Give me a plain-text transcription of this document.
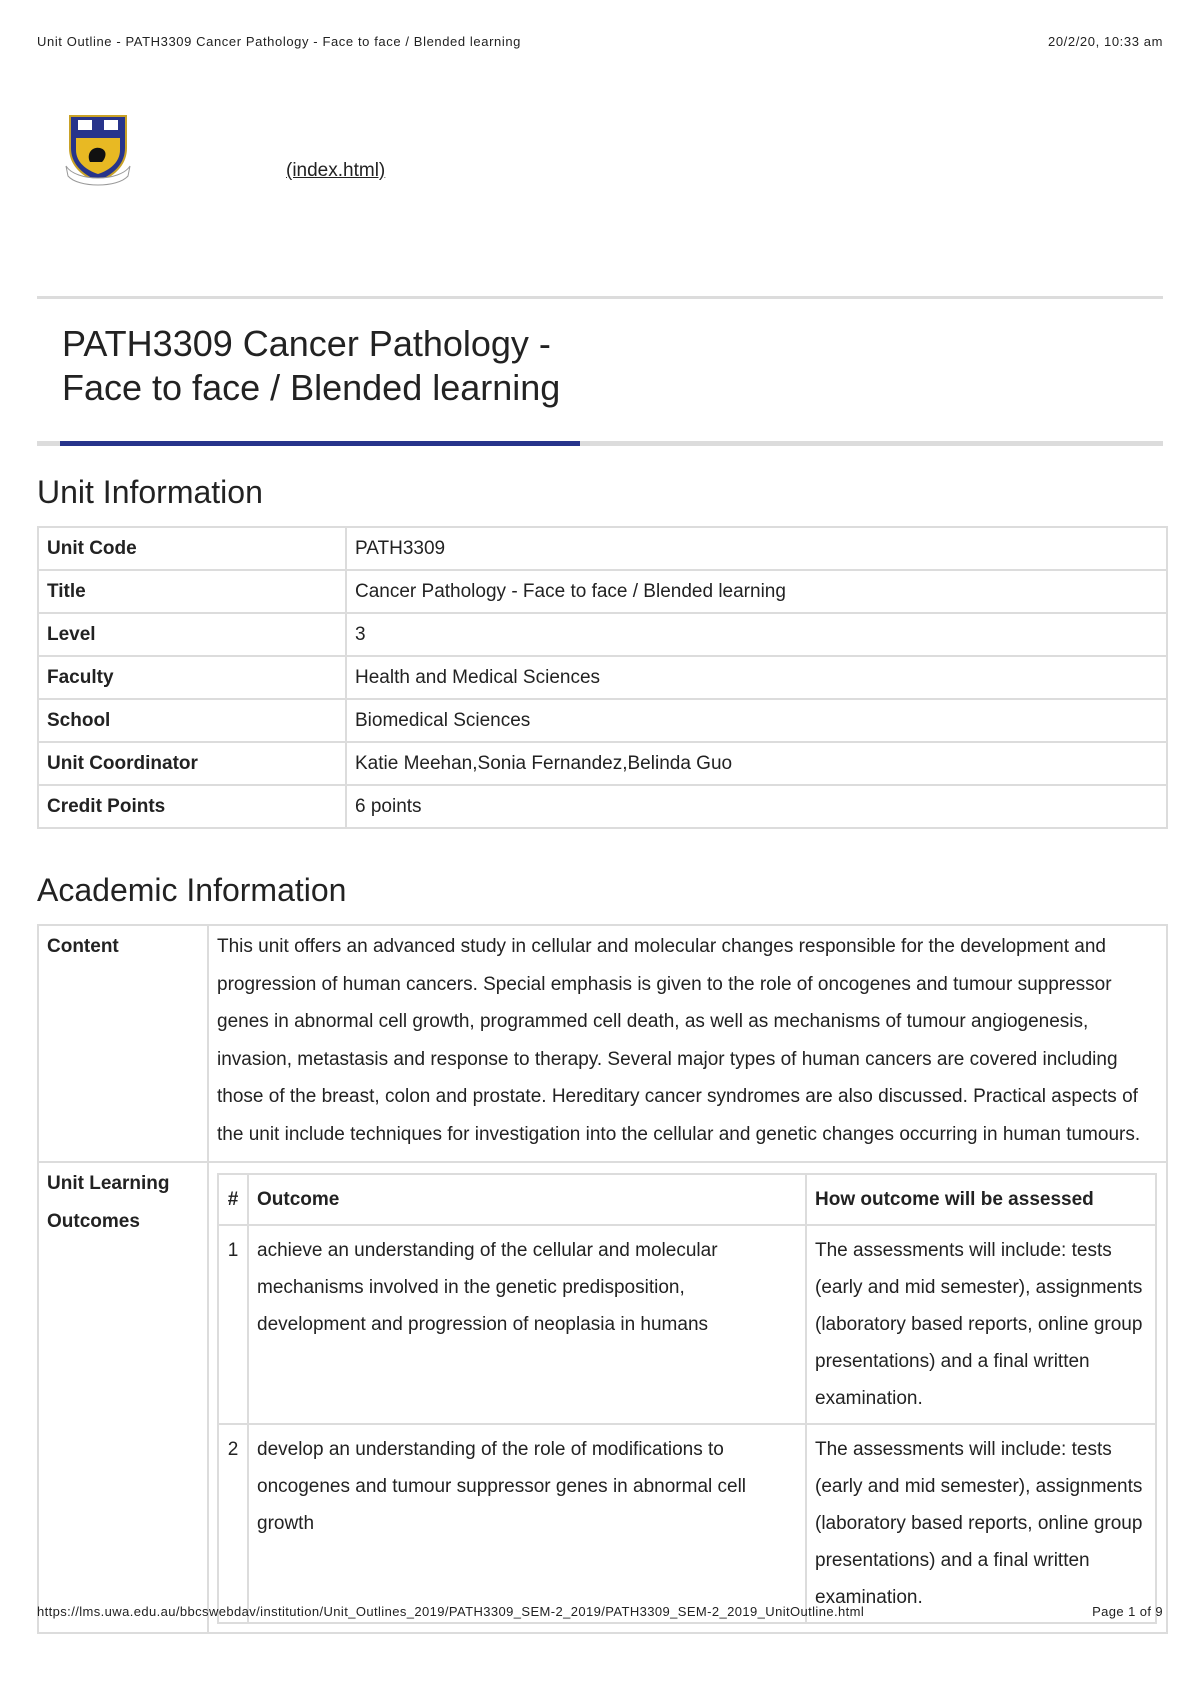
Unit Outline - PATH3309 Cancer Pathology - Face to face / Blended learning	20/2/20, 10:33 am
(index.html)
PATH3309 Cancer Pathology -
Face to face / Blended learning
Unit Information
Unit Code	PATH3309
Title	Cancer Pathology - Face to face / Blended learning
Level	3
Faculty	Health and Medical Sciences
School	Biomedical Sciences
Unit Coordinator	Katie Meehan,Sonia Fernandez,Belinda Guo
Credit Points	6 points
Academic Information
Content	This unit offers an advanced study in cellular and molecular changes responsible for the development and progression of human cancers. Special emphasis is given to the role of oncogenes and tumour suppressor genes in abnormal cell growth, programmed cell death, as well as mechanisms of tumour angiogenesis, invasion, metastasis and response to therapy. Several major types of human cancers are covered including those of the breast, colon and prostate. Hereditary cancer syndromes are also discussed. Practical aspects of the unit include techniques for investigation into the cellular and genetic changes occurring in human tumours.

Unit Learning Outcomes	
#	Outcome	How outcome will be assessed
1	achieve an understanding of the cellular and molecular mechanisms involved in the genetic predisposition, development and progression of neoplasia in humans	The assessments will include: tests (early and mid semester), assignments (laboratory based reports, online group presentations) and a final written examination.
2	develop an understanding of the role of modifications to oncogenes and tumour suppressor genes in abnormal cell growth	The assessments will include: tests (early and mid semester), assignments (laboratory based reports, online group presentations) and a final written examination.
https://lms.uwa.edu.au/bbcswebdav/institution/Unit_Outlines_2019/PATH3309_SEM-2_2019/PATH3309_SEM-2_2019_UnitOutline.html	Page 1 of 9
